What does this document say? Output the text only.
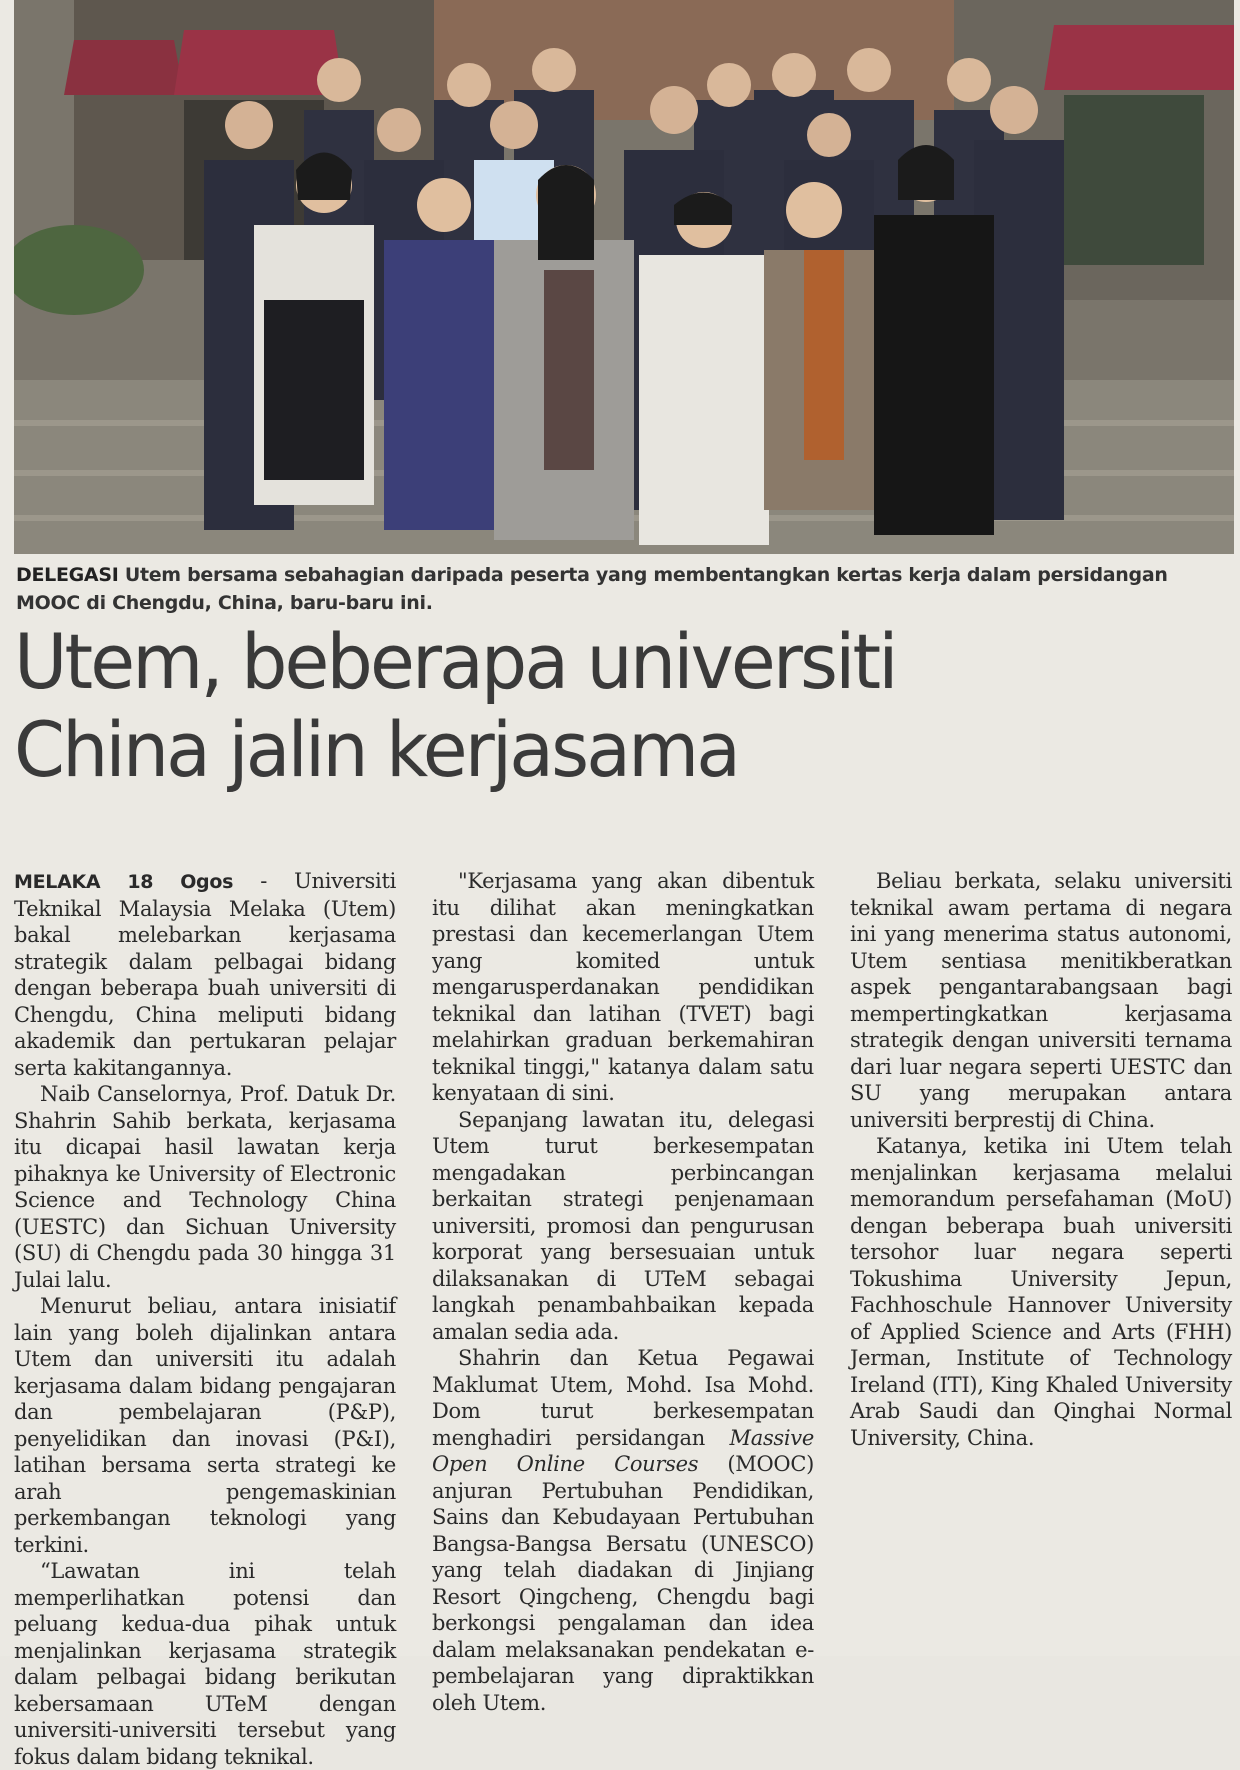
DELEGASI Utem bersama sebahagian daripada peserta yang membentangkan kertas kerja dalam persidangan MOOC di Chengdu, China, baru-baru ini.
Utem, beberapa universiti
China jalin kerjasama

MELAKA 18 Ogos - Universiti Teknikal Malaysia Melaka (Utem) bakal melebarkan kerjasama strategik dalam pelbagai bidang dengan beberapa buah universiti di Chengdu, China meliputi bidang akademik dan pertukaran pelajar serta kakitangannya.

Naib Canselornya, Prof. Datuk Dr. Shahrin Sahib berkata, kerjasama itu dicapai hasil lawatan kerja pihaknya ke University of Electronic Science and Technology China (UESTC) dan Sichuan University (SU) di Chengdu pada 30 hingga 31 Julai lalu.

Menurut beliau, antara inisiatif lain yang boleh dijalinkan antara Utem dan universiti itu adalah kerjasama dalam bidang pengajaran dan pembelajaran (P&P), penyelidikan dan inovasi (P&I), latihan bersama serta strategi ke arah pengemaskinian perkembangan teknologi yang terkini.

“Lawatan ini telah memperlihatkan potensi dan peluang kedua-dua pihak untuk menjalinkan kerjasama strategik dalam pelbagai bidang berikutan kebersamaan UTeM dengan universiti-universiti tersebut yang fokus dalam bidang teknikal.

"Kerjasama yang akan dibentuk itu dilihat akan meningkatkan prestasi dan kecemerlangan Utem yang komited untuk mengarusperdanakan pendidikan teknikal dan latihan (TVET) bagi melahirkan graduan berkemahiran teknikal tinggi," katanya dalam satu kenyataan di sini.

Sepanjang lawatan itu, delegasi Utem turut berkesempatan mengadakan perbincangan berkaitan strategi penjenamaan universiti, promosi dan pengurusan korporat yang bersesuaian untuk dilaksanakan di UTeM sebagai langkah penambahbaikan kepada amalan sedia ada.

Shahrin dan Ketua Pegawai Maklumat Utem, Mohd. Isa Mohd. Dom turut berkesempatan menghadiri persidangan Massive Open Online Courses (MOOC) anjuran Pertubuhan Pendidikan, Sains dan Kebudayaan Pertubuhan Bangsa-Bangsa Bersatu (UNESCO) yang telah diadakan di Jinjiang Resort Qingcheng, Chengdu bagi berkongsi pengalaman dan idea dalam melaksanakan pendekatan e-pembelajaran yang dipraktikkan oleh Utem.

Beliau berkata, selaku universiti teknikal awam pertama di negara ini yang menerima status autonomi, Utem sentiasa menitikberatkan aspek pengantarabangsaan bagi mempertingkatkan kerjasama strategik dengan universiti ternama dari luar negara seperti UESTC dan SU yang merupakan antara universiti berprestij di China.

Katanya, ketika ini Utem telah menjalinkan kerjasama melalui memorandum persefahaman (MoU) dengan beberapa buah universiti tersohor luar negara seperti Tokushima University Jepun, Fachhoschule Hannover University of Applied Science and Arts (FHH) Jerman, Institute of Technology Ireland (ITI), King Khaled University Arab Saudi dan Qinghai Normal University, China.
